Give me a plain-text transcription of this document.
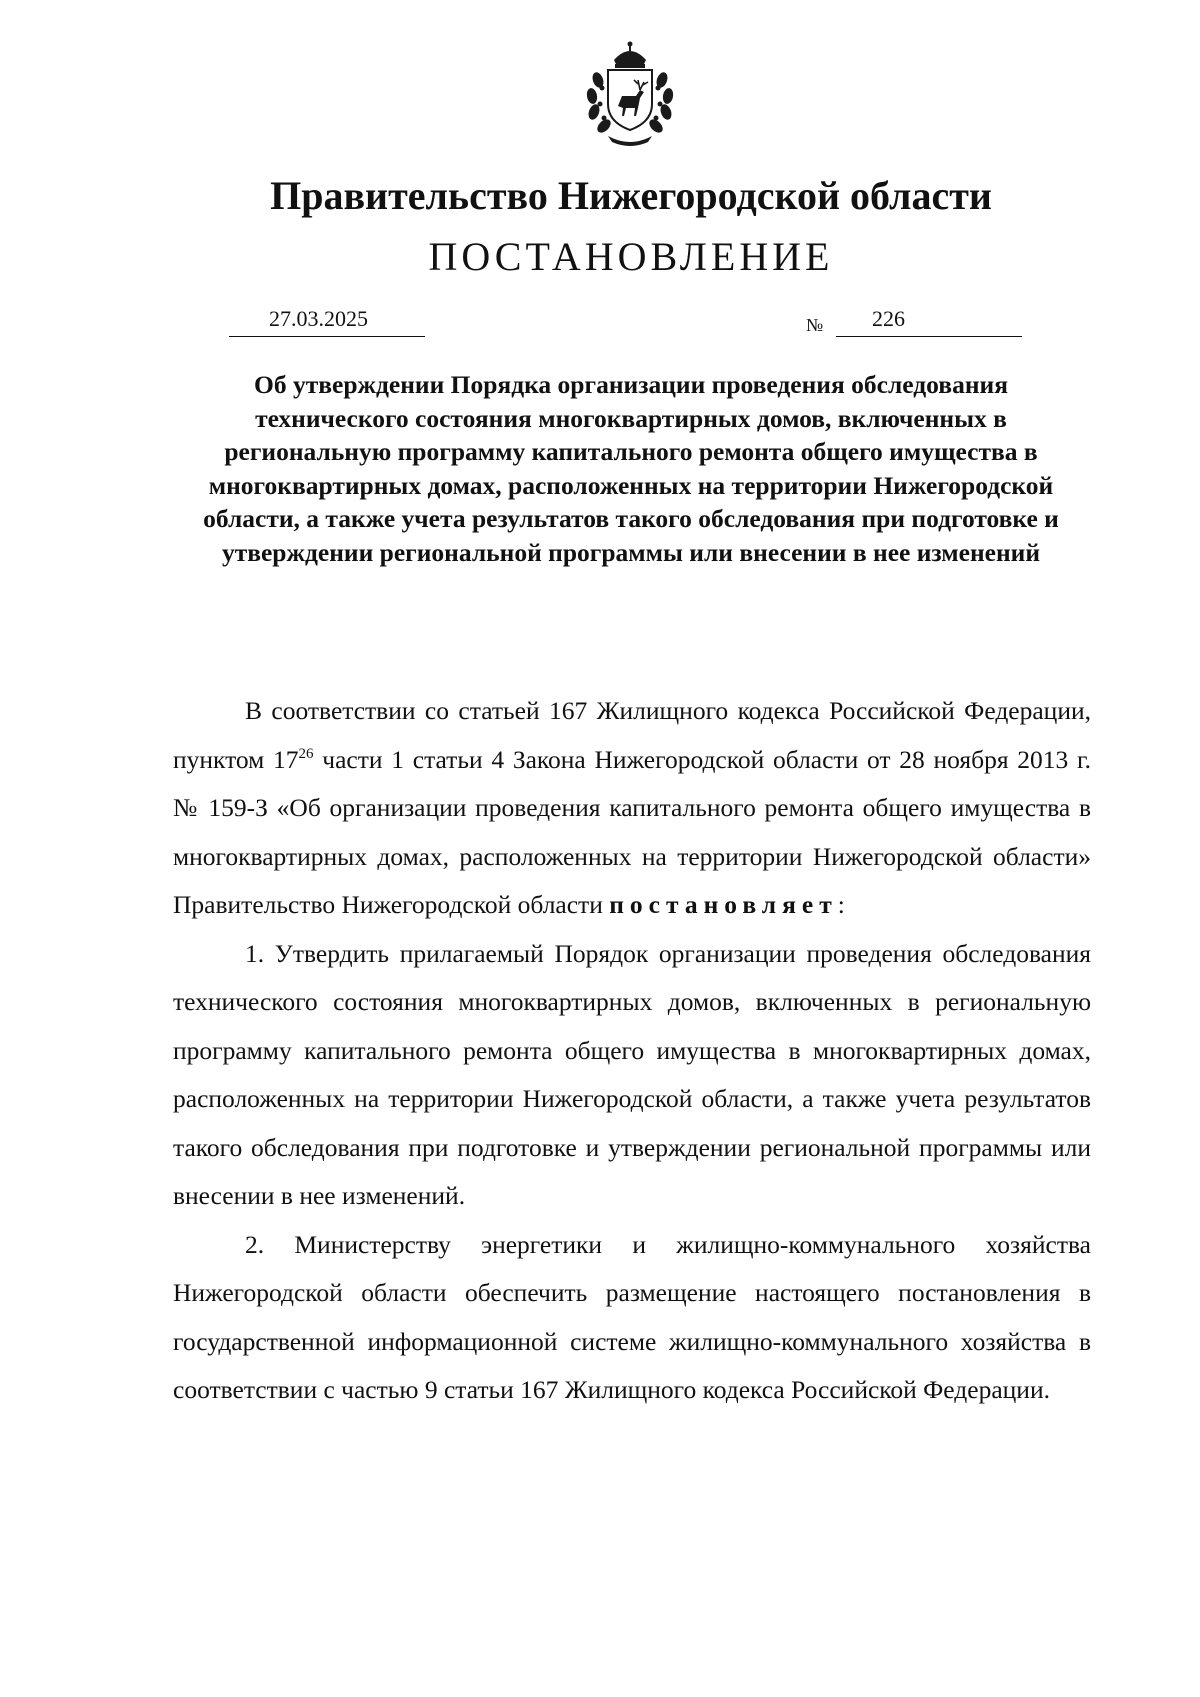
Правительство Нижегородской области
ПОСТАНОВЛЕНИЕ
27.03.2025	№ 226
Об утверждении Порядка организации проведения обследования технического состояния многоквартирных домов, включенных в региональную программу капитального ремонта общего имущества в многоквартирных домах, расположенных на территории Нижегородской области, а также учета результатов такого обследования при подготовке и утверждении региональной программы или внесении в нее изменений

В соответствии со статьей 167 Жилищного кодекса Российской Федерации, пунктом $17^{26}$ части 1 статьи 4 Закона Нижегородской области от 28 ноября 2013 г. № 159-З «Об организации проведения капитального ремонта общего имущества в многоквартирных домах, расположенных на территории Нижегородской области» Правительство Нижегородской области постановляет:

1. Утвердить прилагаемый Порядок организации проведения обследования технического состояния многоквартирных домов, включенных в региональную программу капитального ремонта общего имущества в многоквартирных домах, расположенных на территории Нижегородской области, а также учета результатов такого обследования при подготовке и утверждении региональной программы или внесении в нее изменений.

2. Министерству энергетики и жилищно-коммунального хозяйства Нижегородской области обеспечить размещение настоящего постановления в государственной информационной системе жилищно-коммунального хозяйства в соответствии с частью 9 статьи 167 Жилищного кодекса Российской Федерации.
